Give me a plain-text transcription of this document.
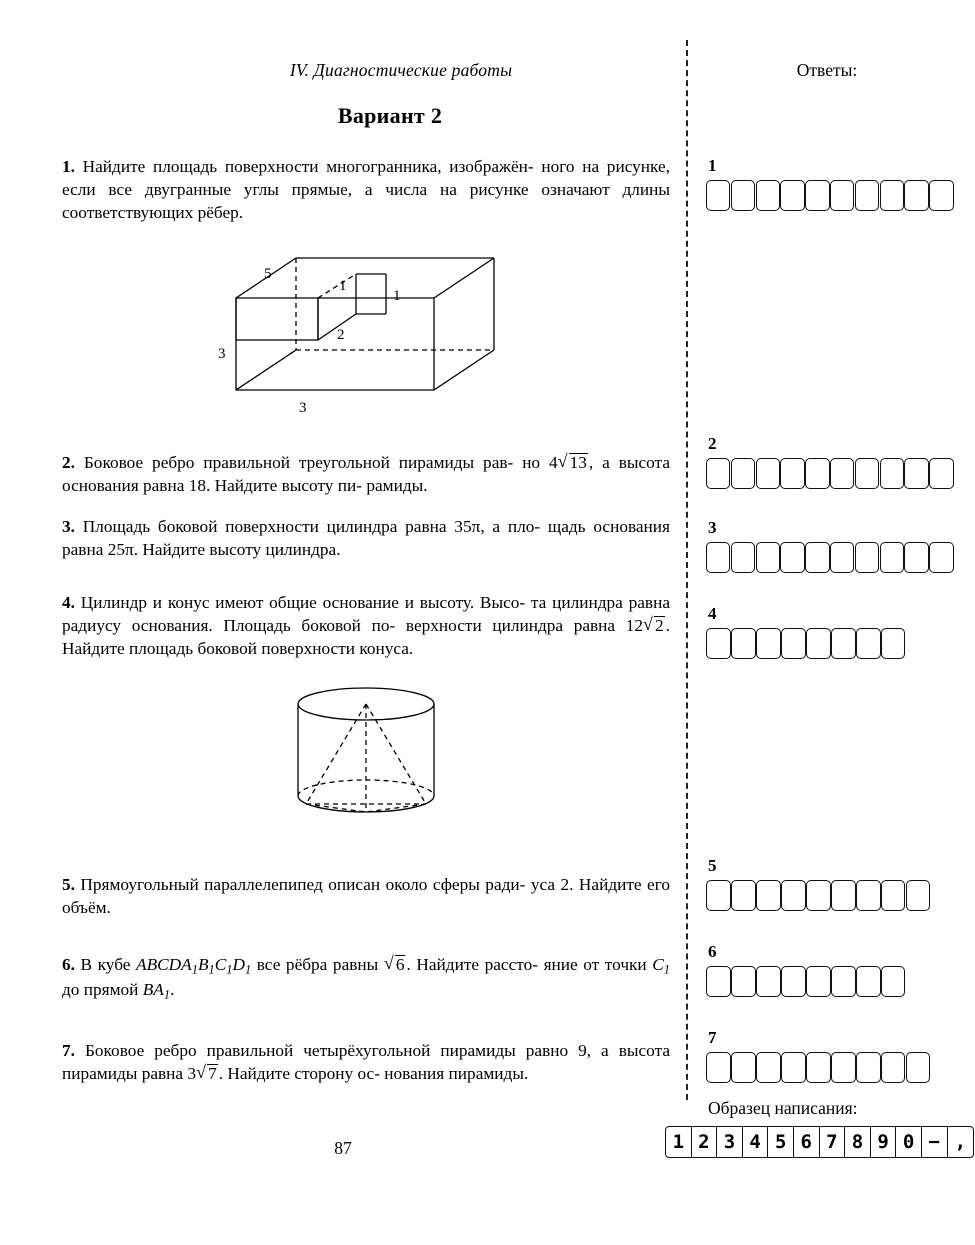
IV. Диагностические работы
Вариант 2
1. Найдите площадь поверхности многогранника, изображён- ного на рисунке, если все двугранные углы прямые, а числа на рисунке означают длины соответствующих рёбер.
5
1
1
3
2
3
2. Боковое ребро правильной треугольной пирамиды рав- но 4 √ 13 , а высота основания равна 18. Найдите высоту пи- рамиды.
3. Площадь боковой поверхности цилиндра равна 35π, а пло- щадь основания равна 25π. Найдите высоту цилиндра.
4. Цилиндр и конус имеют общие основание и высоту. Высо- та цилиндра равна радиусу основания. Площадь боковой по- верхности цилиндра равна 12 √ 2 . Найдите площадь боковой поверхности конуса.
5. Прямоугольный параллелепипед описан около сферы ради- уса 2. Найдите его объём.
6. В кубе $ABCDA_1B_1C_1D_1$ все рёбра равны √ 6 . Найдите рассто- яние от точки $C_1$ до прямой $BA_1$.
7. Боковое ребро правильной четырёхугольной пирамиды равно 9, а высота пирамиды равна 3 √ 7 . Найдите сторону ос- нования пирамиды.
Ответы:
1
2
3
4
5
6
7
Образец написания:
1 2 3 4 5 6 7 8 9 0 − ,
87
